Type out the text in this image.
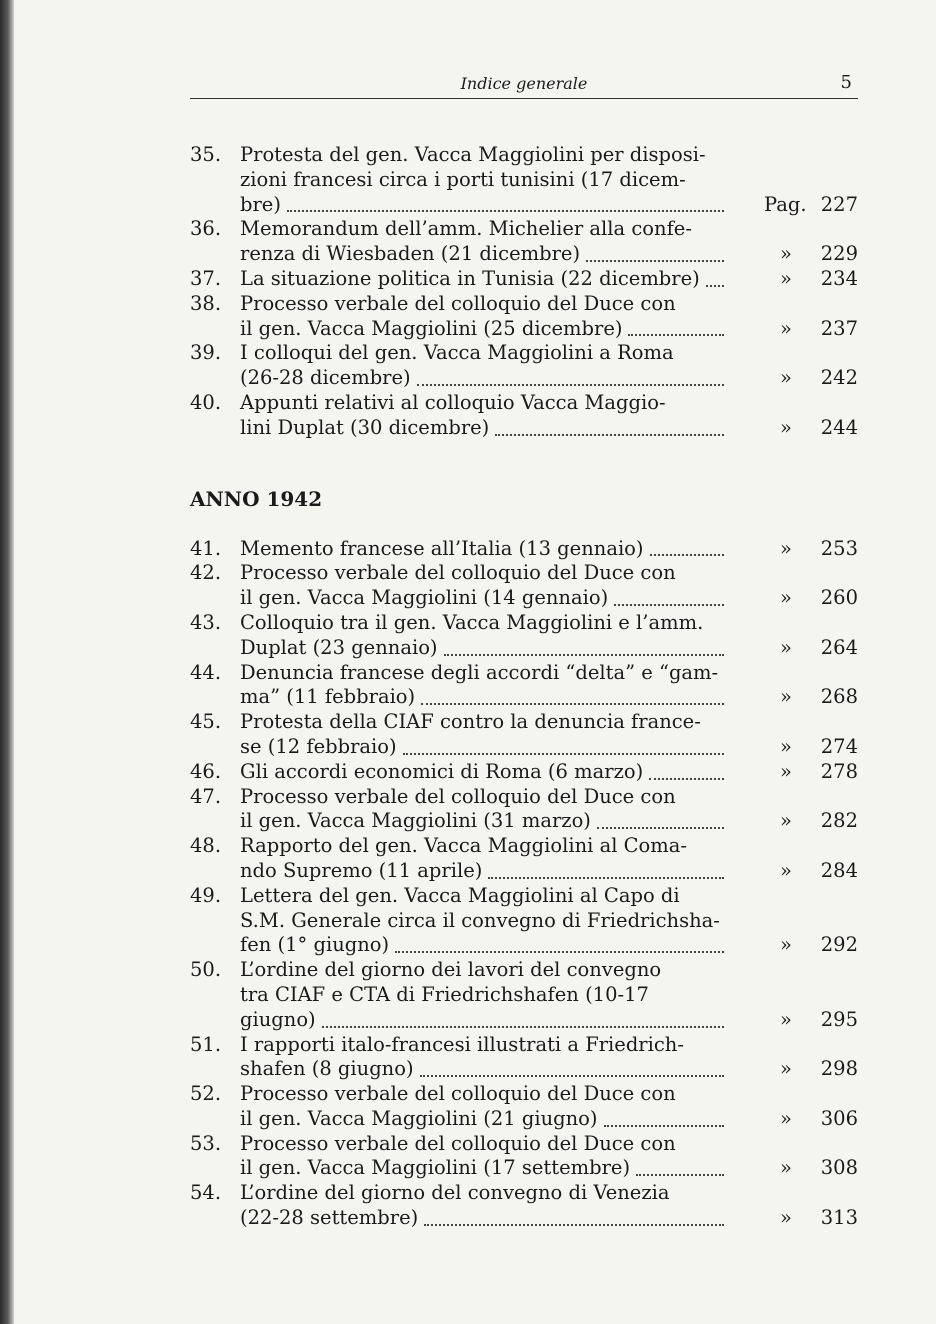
Indice generale	5
35. Protesta del gen. Vacca Maggiolini per disposi-
zioni francesi circa i porti tunisini (17 dicem-
bre)	Pag. 227
36. Memorandum dell’amm. Michelier alla confe-
renza di Wiesbaden (21 dicembre)	» 229
37. La situazione politica in Tunisia (22 dicembre)	» 234
38. Processo verbale del colloquio del Duce con
il gen. Vacca Maggiolini (25 dicembre)	» 237
39. I colloqui del gen. Vacca Maggiolini a Roma
(26-28 dicembre)	» 242
40. Appunti relativi al colloquio Vacca Maggio-
lini Duplat (30 dicembre)	» 244
ANNO 1942
41. Memento francese all’Italia (13 gennaio)	» 253
42. Processo verbale del colloquio del Duce con
il gen. Vacca Maggiolini (14 gennaio)	» 260
43. Colloquio tra il gen. Vacca Maggiolini e l’amm.
Duplat (23 gennaio)	» 264
44. Denuncia francese degli accordi “delta” e “gam-
ma” (11 febbraio)	» 268
45. Protesta della CIAF contro la denuncia france-
se (12 febbraio)	» 274
46. Gli accordi economici di Roma (6 marzo)	» 278
47. Processo verbale del colloquio del Duce con
il gen. Vacca Maggiolini (31 marzo)	» 282
48. Rapporto del gen. Vacca Maggiolini al Coma-
ndo Supremo (11 aprile)	» 284
49. Lettera del gen. Vacca Maggiolini al Capo di
S.M. Generale circa il convegno di Friedrichsha-
fen (1° giugno)	» 292
50. L’ordine del giorno dei lavori del convegno
tra CIAF e CTA di Friedrichshafen (10-17
giugno)	» 295
51. I rapporti italo-francesi illustrati a Friedrich-
shafen (8 giugno)	» 298
52. Processo verbale del colloquio del Duce con
il gen. Vacca Maggiolini (21 giugno)	» 306
53. Processo verbale del colloquio del Duce con
il gen. Vacca Maggiolini (17 settembre)	» 308
54. L’ordine del giorno del convegno di Venezia
(22-28 settembre)	» 313
